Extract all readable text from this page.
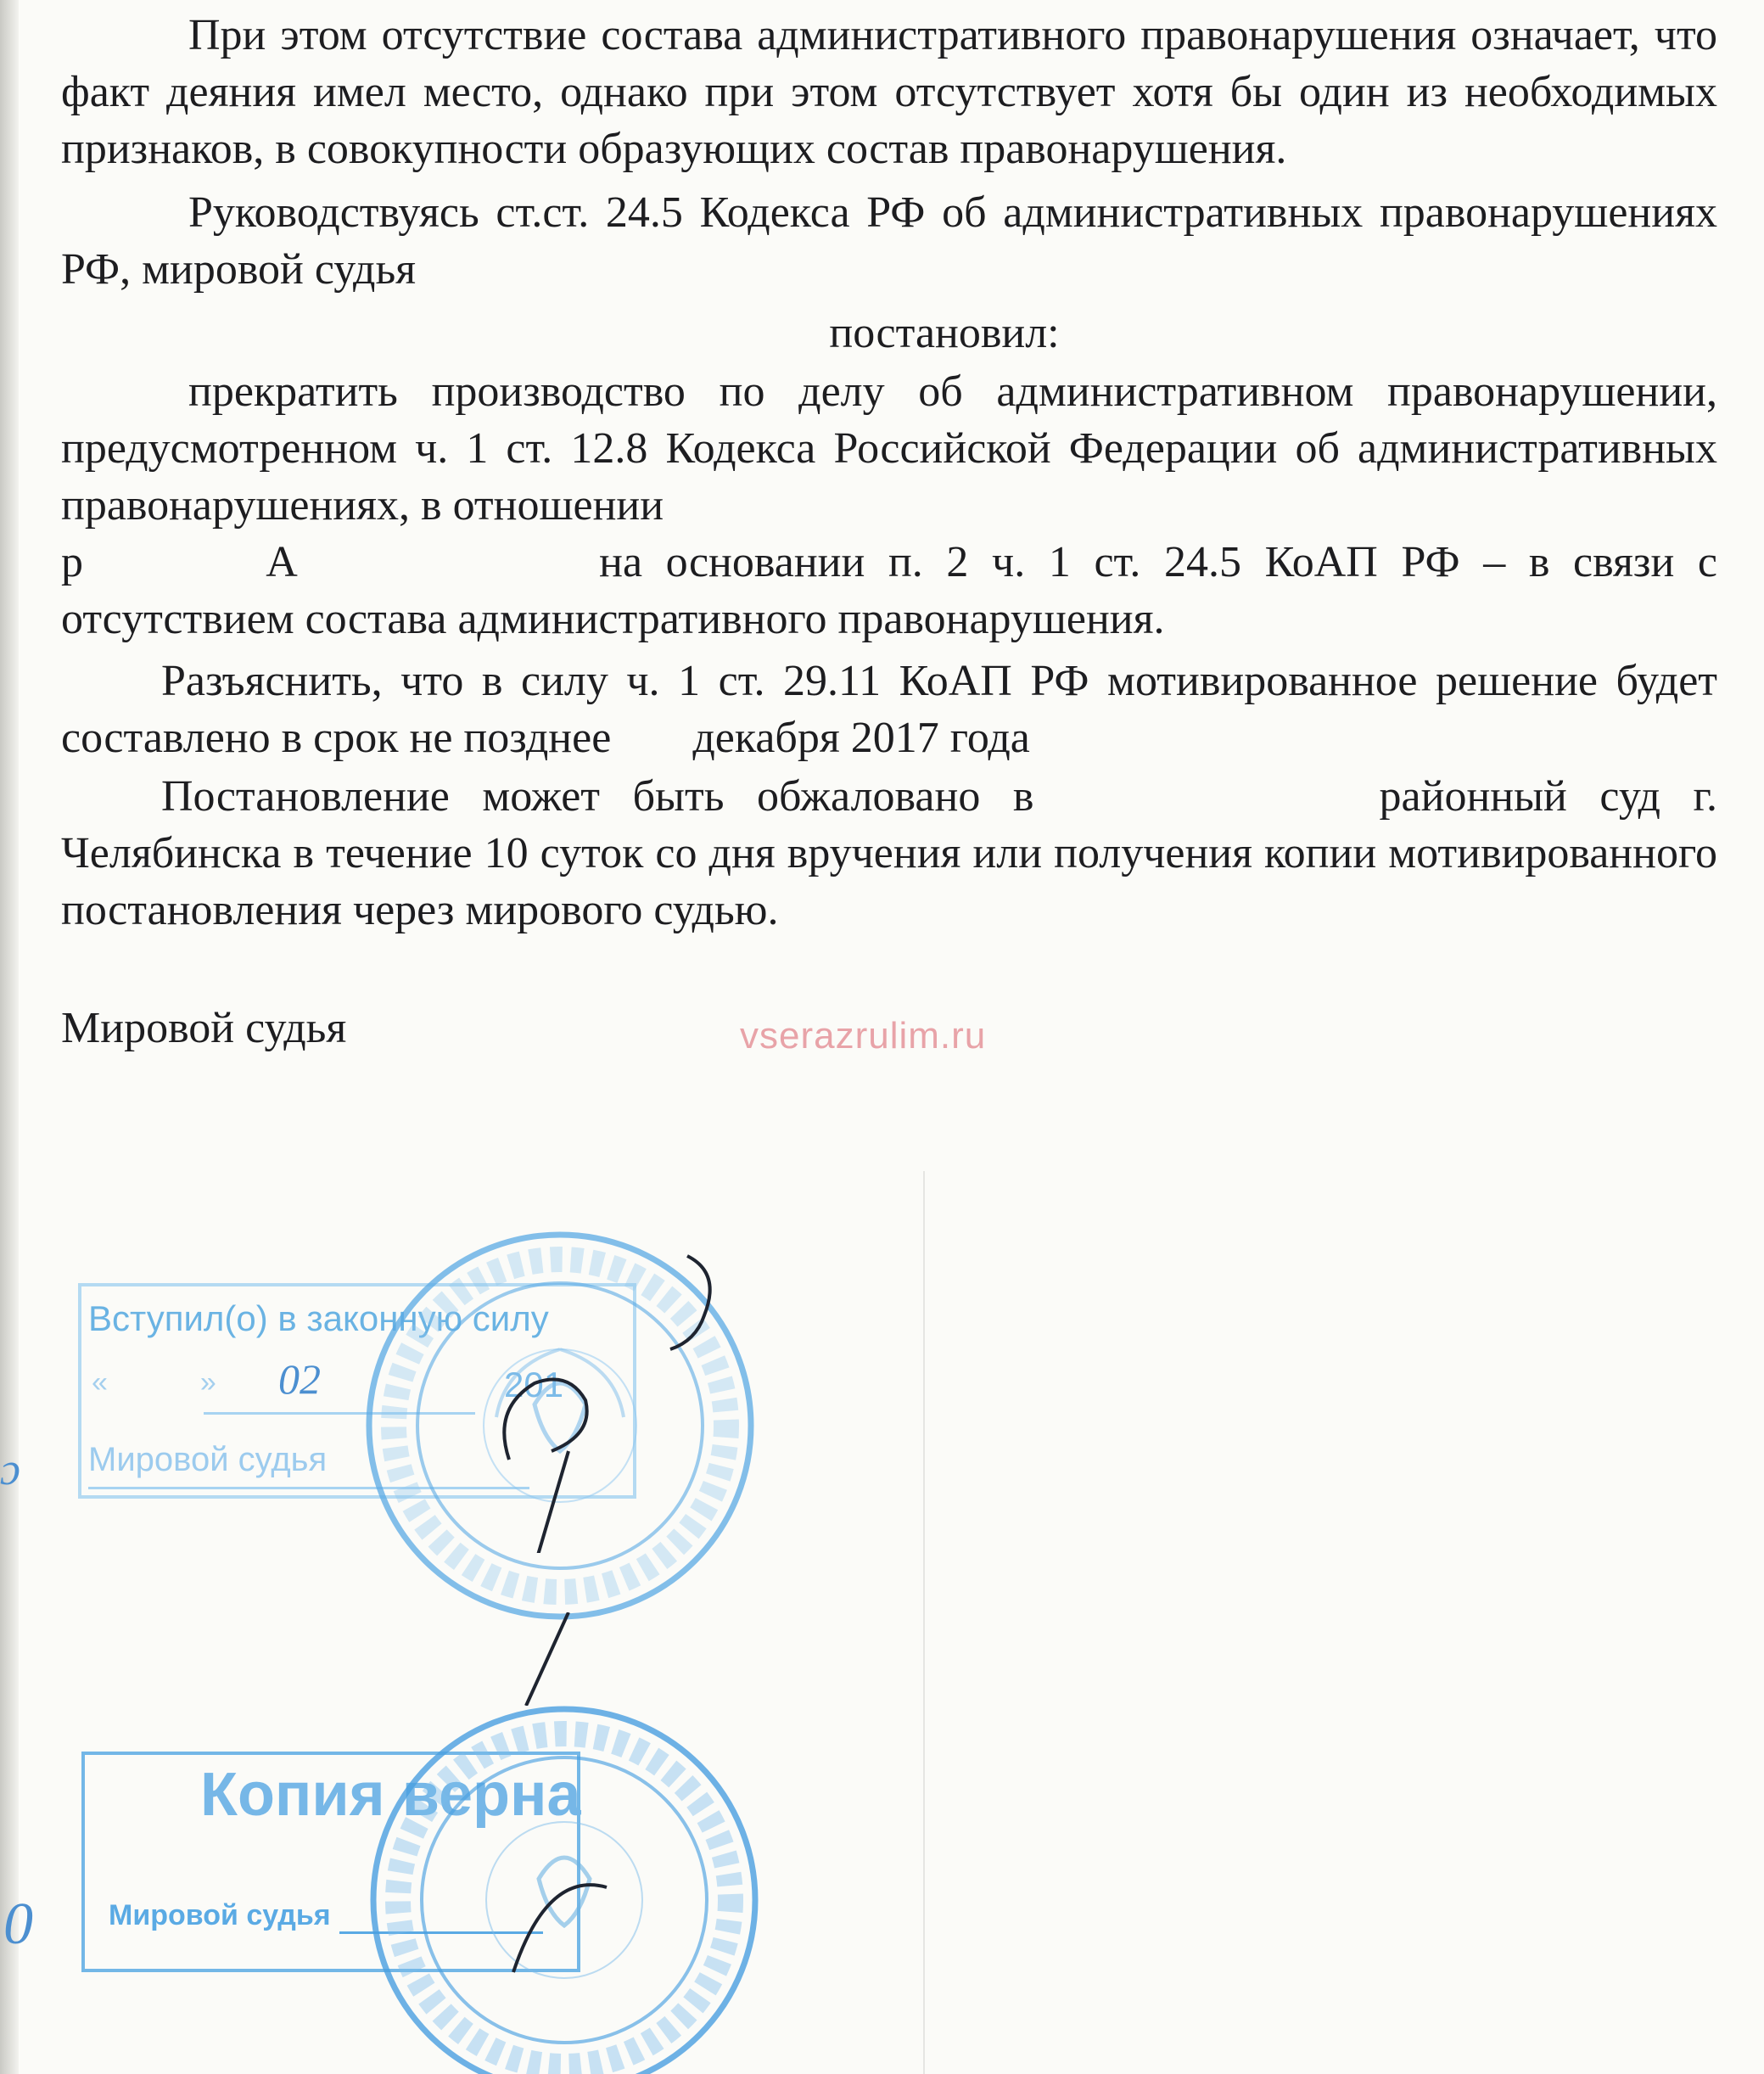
При этом отсутствие состава административного правонарушения означает, что факт деяния имел место, однако при этом отсутствует хотя бы один из необходимых признаков, в совокупности образующих состав правонарушения.

Руководствуясь ст.ст. 24.5 Кодекса РФ об административных правонарушениях РФ, мировой судья

постановил:

прекратить производство по делу об административном правонарушении, предусмотренном ч. 1 ст. 12.8 Кодекса Российской Федерации об административных правонарушениях, в отношении

р	А	на основании п. 2 ч. 1 ст. 24.5 КоАП РФ – в связи с отсутствием состава административного правонарушения.

Разъяснить, что в силу ч. 1 ст. 29.11 КоАП РФ мотивированное решение будет составлено в срок не позднее декабря 2017 года

Постановление может быть обжаловано в	районный суд г. Челябинска в течение 10 суток со дня вручения или получения копии мотивированного постановления через мирового судью.

Мировой судья	vserazrulim.ru
Вступил(о) в законную силу
«	» 02	201
Мировой судья
Копия верна
Мировой судья
ɔ
0
